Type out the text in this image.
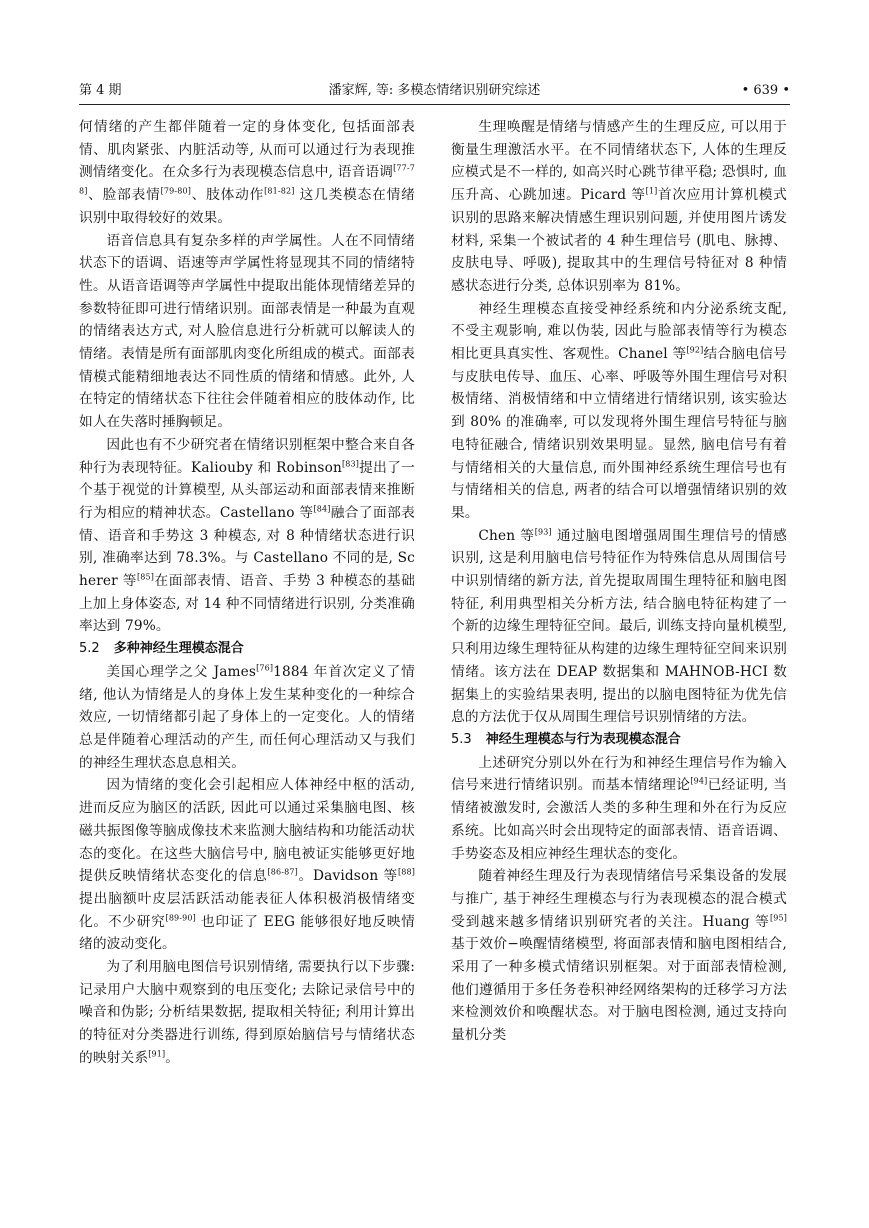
第 4 期	潘家辉, 等: 多模态情绪识别研究综述	• 639 •

何情绪的产生都伴随着一定的身体变化, 包括面部表情、肌肉紧张、内脏活动等, 从而可以通过行为表现推测情绪变化。在众多行为表现模态信息中, 语音语调[77-78]、脸部表情[79-80]、肢体动作[81-82] 这几类模态在情绪识别中取得较好的效果。

语音信息具有复杂多样的声学属性。人在不同情绪状态下的语调、语速等声学属性将显现其不同的情绪特性。从语音语调等声学属性中提取出能体现情绪差异的参数特征即可进行情绪识别。面部表情是一种最为直观的情绪表达方式, 对人脸信息进行分析就可以解读人的情绪。表情是所有面部肌肉变化所组成的模式。面部表情模式能精细地表达不同性质的情绪和情感。此外, 人在特定的情绪状态下往往会伴随着相应的肢体动作, 比如人在失落时捶胸顿足。

因此也有不少研究者在情绪识别框架中整合来自各种行为表现特征。Kaliouby 和 Robinson[83]提出了一个基于视觉的计算模型, 从头部运动和面部表情来推断行为相应的精神状态。Castellano 等[84]融合了面部表情、语音和手势这 3 种模态, 对 8 种情绪状态进行识别, 准确率达到 78.3%。与 Castellano 不同的是, Scherer 等[85]在面部表情、语音、手势 3 种模态的基础上加上身体姿态, 对 14 种不同情绪进行识别, 分类准确率达到 79%。

5.2 多种神经生理模态混合

美国心理学之父 James[76]1884 年首次定义了情绪, 他认为情绪是人的身体上发生某种变化的一种综合效应, 一切情绪都引起了身体上的一定变化。人的情绪总是伴随着心理活动的产生, 而任何心理活动又与我们的神经生理状态息息相关。

因为情绪的变化会引起相应人体神经中枢的活动, 进而反应为脑区的活跃, 因此可以通过采集脑电图、核磁共振图像等脑成像技术来监测大脑结构和功能活动状态的变化。在这些大脑信号中, 脑电被证实能够更好地提供反映情绪状态变化的信息[86-87]。Davidson 等[88]提出脑额叶皮层活跃活动能表征人体积极消极情绪变化。不少研究[89-90] 也印证了 EEG 能够很好地反映情绪的波动变化。

为了利用脑电图信号识别情绪, 需要执行以下步骤: 记录用户大脑中观察到的电压变化; 去除记录信号中的噪音和伪影; 分析结果数据, 提取相关特征; 利用计算出的特征对分类器进行训练, 得到原始脑信号与情绪状态的映射关系[91]。

生理唤醒是情绪与情感产生的生理反应, 可以用于衡量生理激活水平。在不同情绪状态下, 人体的生理反应模式是不一样的, 如高兴时心跳节律平稳; 恐惧时, 血压升高、心跳加速。Picard 等[1]首次应用计算机模式识别的思路来解决情感生理识别问题, 并使用图片诱发材料, 采集一个被试者的 4 种生理信号 (肌电、脉搏、皮肤电导、呼吸), 提取其中的生理信号特征对 8 种情感状态进行分类, 总体识别率为 81%。

神经生理模态直接受神经系统和内分泌系统支配, 不受主观影响, 难以伪装, 因此与脸部表情等行为模态相比更具真实性、客观性。Chanel 等[92]结合脑电信号与皮肤电传导、血压、心率、呼吸等外围生理信号对积极情绪、消极情绪和中立情绪进行情绪识别, 该实验达到 80% 的准确率, 可以发现将外围生理信号特征与脑电特征融合, 情绪识别效果明显。显然, 脑电信号有着与情绪相关的大量信息, 而外围神经系统生理信号也有与情绪相关的信息, 两者的结合可以增强情绪识别的效果。

Chen 等[93] 通过脑电图增强周围生理信号的情感识别, 这是利用脑电信号特征作为特殊信息从周围信号中识别情绪的新方法, 首先提取周围生理特征和脑电图特征, 利用典型相关分析方法, 结合脑电特征构建了一个新的边缘生理特征空间。最后, 训练支持向量机模型, 只利用边缘生理特征从构建的边缘生理特征空间来识别情绪。该方法在 DEAP 数据集和 MAHNOB-HCI 数据集上的实验结果表明, 提出的以脑电图特征为优先信息的方法优于仅从周围生理信号识别情绪的方法。

5.3 神经生理模态与行为表现模态混合

上述研究分别以外在行为和神经生理信号作为输入信号来进行情绪识别。而基本情绪理论[94]已经证明, 当情绪被激发时, 会激活人类的多种生理和外在行为反应系统。比如高兴时会出现特定的面部表情、语音语调、手势姿态及相应神经生理状态的变化。

随着神经生理及行为表现情绪信号采集设备的发展与推广, 基于神经生理模态与行为表现模态的混合模式受到越来越多情绪识别研究者的关注。Huang 等[95] 基于效价−唤醒情绪模型, 将面部表情和脑电图相结合, 采用了一种多模式情绪识别框架。对于面部表情检测, 他们遵循用于多任务卷积神经网络架构的迁移学习方法来检测效价和唤醒状态。对于脑电图检测, 通过支持向量机分类
